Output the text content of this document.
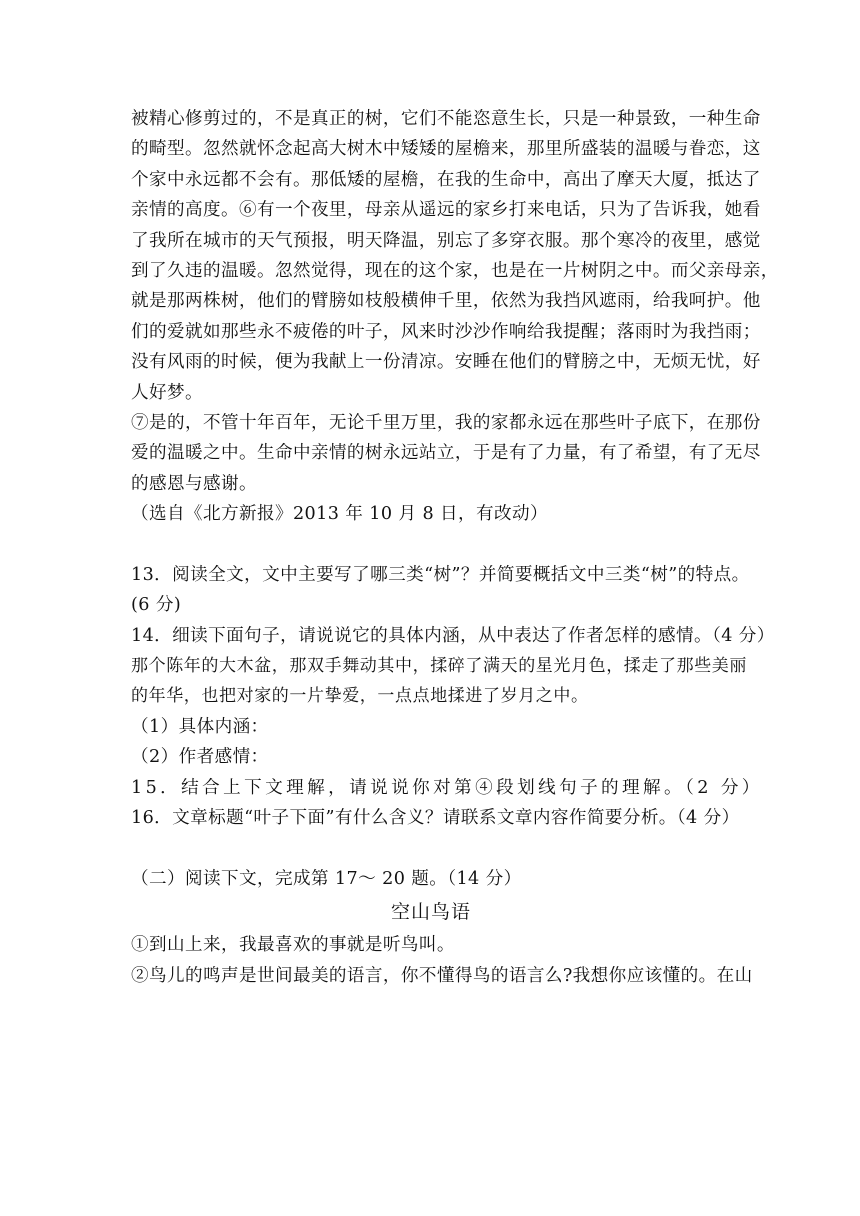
被精心修剪过的，不是真正的树，它们不能恣意生长，只是一种景致，一种生命
的畸型。忽然就怀念起高大树木中矮矮的屋檐来，那里所盛装的温暖与眷恋，这
个家中永远都不会有。那低矮的屋檐，在我的生命中，高出了摩天大厦，抵达了
亲情的高度。⑥有一个夜里，母亲从遥远的家乡打来电话，只为了告诉我，她看
了我所在城市的天气预报，明天降温，别忘了多穿衣服。那个寒冷的夜里，感觉
到了久违的温暖。忽然觉得，现在的这个家，也是在一片树阴之中。而父亲母亲，
就是那两株树，他们的臂膀如枝般横伸千里，依然为我挡风遮雨，给我呵护。他
们的爱就如那些永不疲倦的叶子，风来时沙沙作响给我提醒；落雨时为我挡雨；
没有风雨的时候，便为我献上一份清凉。安睡在他们的臂膀之中，无烦无忧，好
人好梦。
⑦是的，不管十年百年，无论千里万里，我的家都永远在那些叶子底下，在那份
爱的温暖之中。生命中亲情的树永远站立，于是有了力量，有了希望，有了无尽
的感恩与感谢。
（选自《北方新报》2013 年 10 月 8 日，有改动）
13．阅读全文，文中主要写了哪三类“树”？并简要概括文中三类“树”的特点。
(6 分)
14．细读下面句子，请说说它的具体内涵，从中表达了作者怎样的感情。（4 分）
那个陈年的大木盆，那双手舞动其中，揉碎了满天的星光月色，揉走了那些美丽
的年华，也把对家的一片挚爱，一点点地揉进了岁月之中。
（1）具体内涵：
（2）作者感情：
15．结合上下文理解，请说说你对第④段划线句子的理解。（2 分）
16．文章标题“叶子下面”有什么含义？请联系文章内容作简要分析。（4 分）
（二）阅读下文，完成第 17～ 20 题。（14 分）
空山鸟语
①到山上来，我最喜欢的事就是听鸟叫。
②鸟儿的鸣声是世间最美的语言，你不懂得鸟的语言么?我想你应该懂的。在山
